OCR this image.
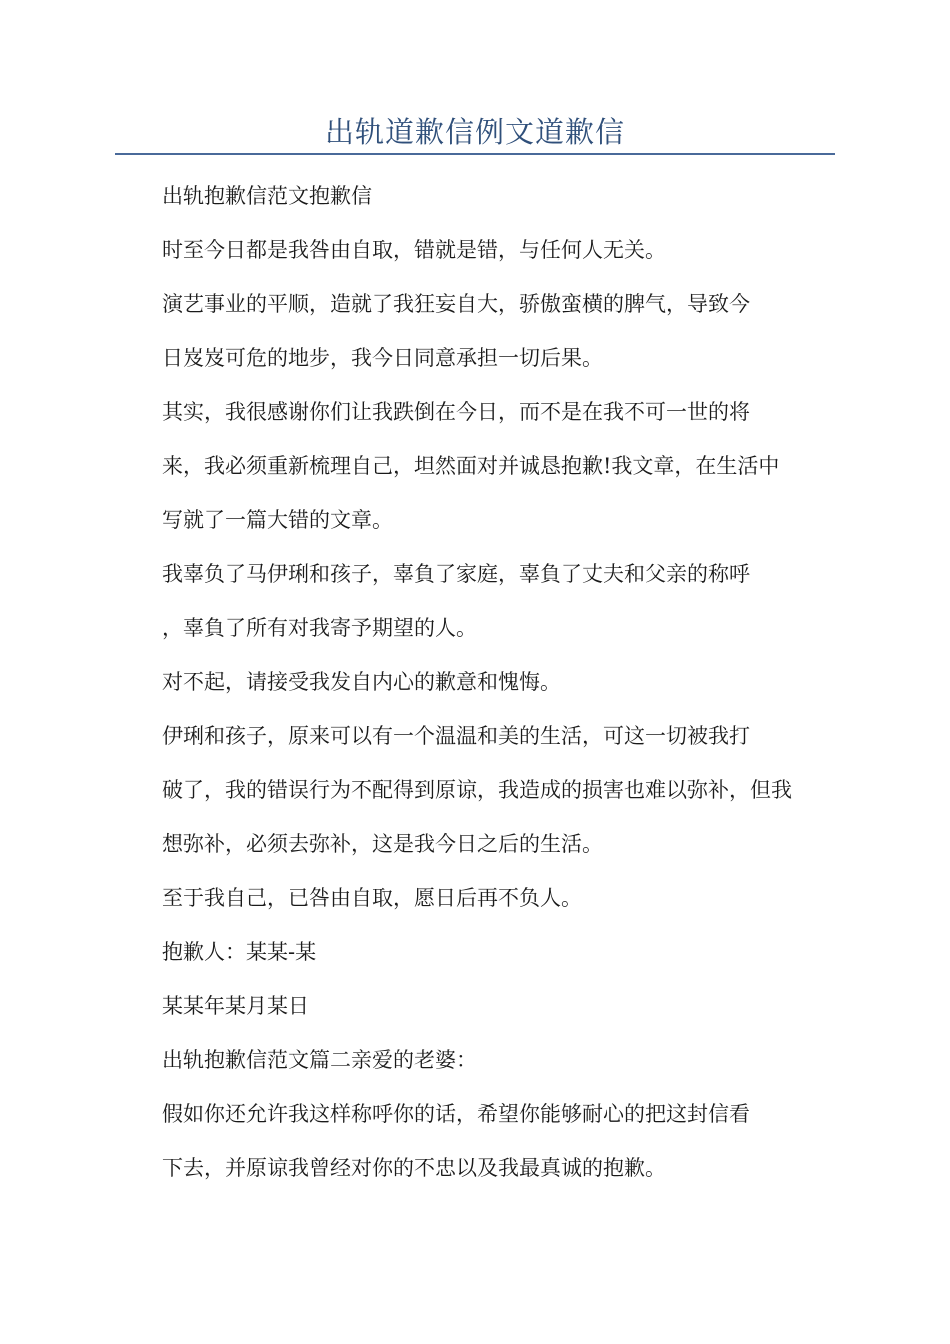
出轨道歉信例文道歉信
出轨抱歉信范文抱歉信
时至今日都是我咎由自取，错就是错，与任何人无关。
演艺事业的平顺，造就了我狂妄自大，骄傲蛮横的脾气，导致今
日岌岌可危的地步，我今日同意承担一切后果。
其实，我很感谢你们让我跌倒在今日，而不是在我不可一世的将
来，我必须重新梳理自己，坦然面对并诚恳抱歉!我文章，在生活中
写就了一篇大错的文章。
我辜负了马伊琍和孩子，辜負了家庭，辜負了丈夫和父亲的称呼
，辜負了所有对我寄予期望的人。
对不起，请接受我发自内心的歉意和愧悔。
伊琍和孩子，原来可以有一个温温和美的生活，可这一切被我打
破了，我的错误行为不配得到原谅，我造成的损害也难以弥补，但我
想弥补，必须去弥补，这是我今日之后的生活。
至于我自己，已咎由自取，愿日后再不负人。
抱歉人：某某-某
某某年某月某日
出轨抱歉信范文篇二亲爱的老婆：
假如你还允许我这样称呼你的话，希望你能够耐心的把这封信看
下去，并原谅我曾经对你的不忠以及我最真诚的抱歉。
